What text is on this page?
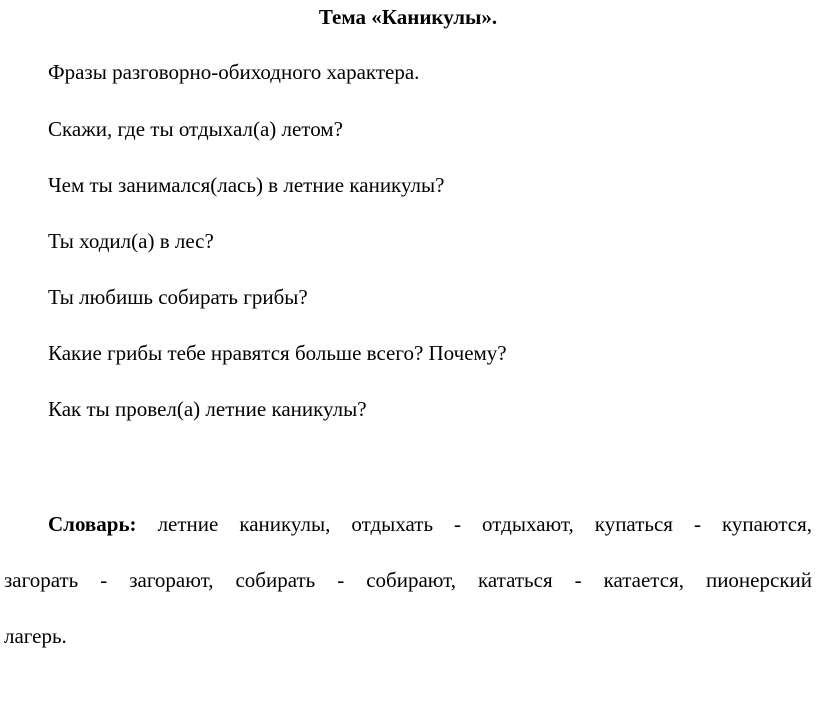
Тема «Каникулы».
Фразы разговорно-обиходного характера.
Скажи, где ты отдыхал(а) летом?
Чем ты занимался(лась) в летние каникулы?
Ты ходил(а) в лес?
Ты любишь собирать грибы?
Какие грибы тебе нравятся больше всего? Почему?
Как ты провел(а) летние каникулы?
Словарь: летние каникулы, отдыхать - отдыхают, купаться - купаются,
загорать - загорают, собирать - собирают, кататься - катается, пионерский
лагерь.
